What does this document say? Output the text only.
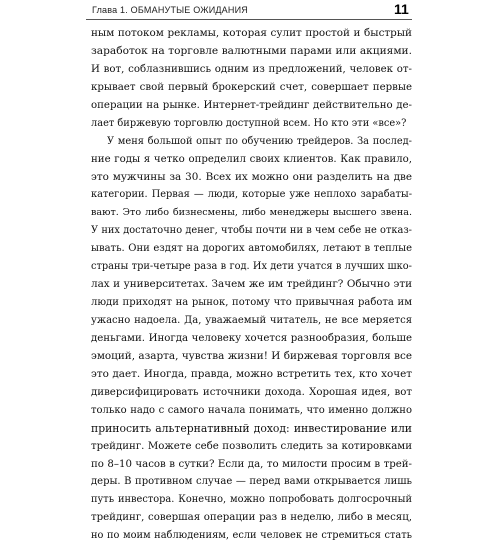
Глава 1. ОБМАНУТЫЕ ОЖИДАНИЯ	11
ным потоком рекламы, которая сулит простой и быстрый
заработок на торговле валютными парами или акциями.
И вот, соблазнившись одним из предложений, человек от-
крывает свой первый брокерский счет, совершает первые
операции на рынке. Интернет-трейдинг действительно де-
лает биржевую торговлю доступной всем. Но кто эти «все»?
У меня большой опыт по обучению трейдеров. За послед-
ние годы я четко определил своих клиентов. Как правило,
это мужчины за 30. Всех их можно они разделить на две
категории. Первая — люди, которые уже неплохо зарабаты-
вают. Это либо бизнесмены, либо менеджеры высшего звена.
У них достаточно денег, чтобы почти ни в чем себе не отказ-
ывать. Они ездят на дорогих автомобилях, летают в теплые
страны три-четыре раза в год. Их дети учатся в лучших шко-
лах и университетах. Зачем же им трейдинг? Обычно эти
люди приходят на рынок, потому что привычная работа им
ужасно надоела. Да, уважаемый читатель, не все меряется
деньгами. Иногда человеку хочется разнообразия, больше
эмоций, азарта, чувства жизни! И биржевая торговля все
это дает. Иногда, правда, можно встретить тех, кто хочет
диверсифицировать источники дохода. Хорошая идея, вот
только надо с самого начала понимать, что именно должно
приносить альтернативный доход: инвестирование или
трейдинг. Можете себе позволить следить за котировками
по 8–10 часов в сутки? Если да, то милости просим в трей-
деры. В противном случае — перед вами открывается лишь
путь инвестора. Конечно, можно попробовать долгосрочный
трейдинг, совершая операции раз в неделю, либо в месяц,
но по моим наблюдениям, если человек не стремиться стать
